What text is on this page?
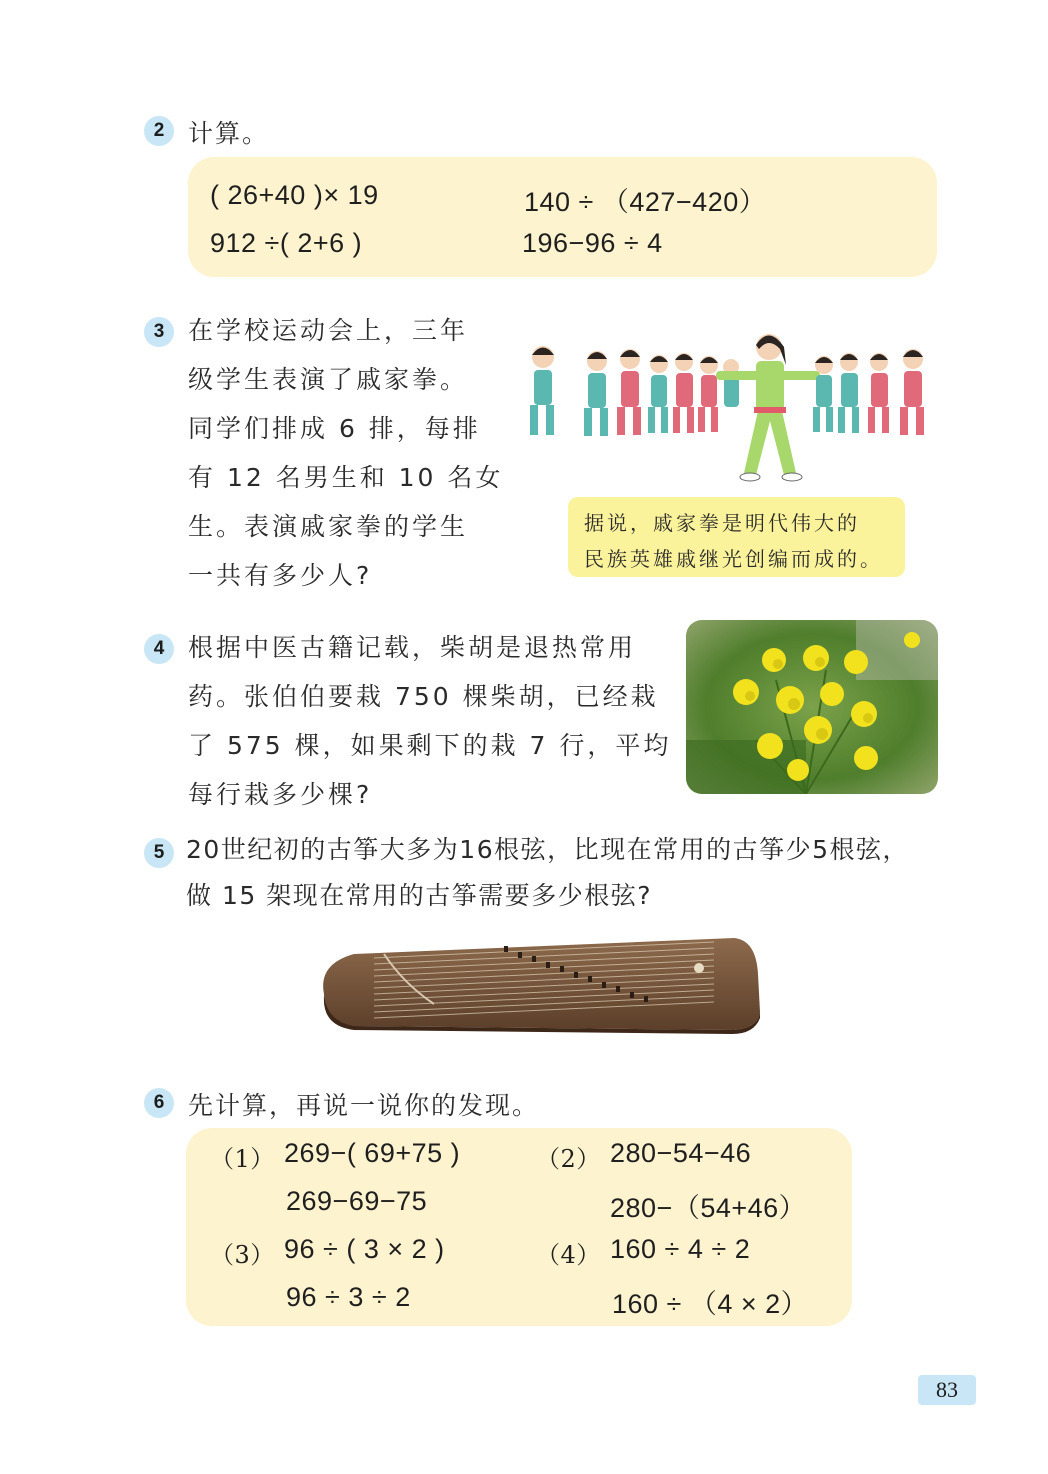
2 计算。
( 26+40 )× 19	140 ÷ （427−420）
912 ÷( 2+6 )	196−96 ÷ 4
3 在学校运动会上，三年
级学生表演了戚家拳。
同学们排成 6 排，每排
有 12 名男生和 10 名女
生。表演戚家拳的学生
一共有多少人?
据说，戚家拳是明代伟大的
民族英雄戚继光创编而成的。
4 根据中医古籍记载，柴胡是退热常用
药。张伯伯要栽 750 棵柴胡，已经栽
了 575 棵，如果剩下的栽 7 行，平均
每行栽多少棵?
5 20世纪初的古筝大多为16根弦，比现在常用的古筝少5根弦，
做 15 架现在常用的古筝需要多少根弦?
6 先计算，再说一说你的发现。
（1） 269−( 69+75 )
269−69−75
（2） 280−54−46
280−（54+46）
（3） 96 ÷ ( 3 × 2 )
96 ÷ 3 ÷ 2
（4） 160 ÷ 4 ÷ 2
160 ÷ （4 × 2）
83
